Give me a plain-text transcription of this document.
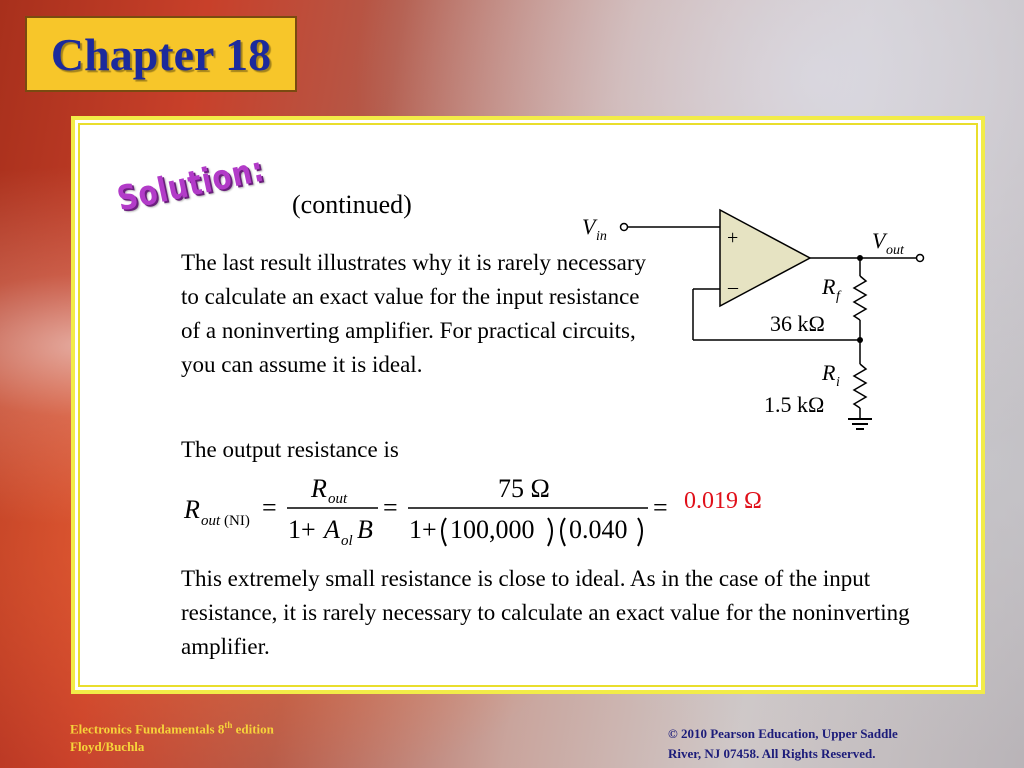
Chapter 18
Solution: (continued)

The last result illustrates why it is rarely necessary to calculate an exact value for the input resistance of a noninverting amplifier. For practical circuits, you can assume it is ideal.

The output resistance is

R out (NI) =
R out
1+ A ol B
=
75 Ω
1+ 100,000 0.040
= 0.019 Ω

This extremely small resistance is close to ideal. As in the case of the input resistance, it is rarely necessary to calculate an exact value for the noninverting amplifier.

V in	+
–
V out
R f
36 kΩ
R i
1.5 kΩ
Electronics Fundamentals 8th edition
Floyd/Buchla
© 2010 Pearson Education, Upper Saddle
River, NJ 07458. All Rights Reserved.
